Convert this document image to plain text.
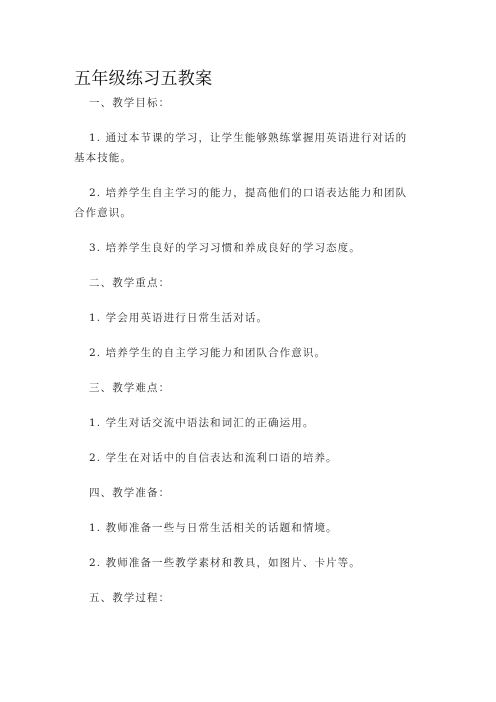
五年级练习五教案
一、教学目标：
1. 通过本节课的学习，让学生能够熟练掌握用英语进行对话的
基本技能。
2. 培养学生自主学习的能力，提高他们的口语表达能力和团队
合作意识。
3. 培养学生良好的学习习惯和养成良好的学习态度。
二、教学重点：
1. 学会用英语进行日常生活对话。
2. 培养学生的自主学习能力和团队合作意识。
三、教学难点：
1. 学生对话交流中语法和词汇的正确运用。
2. 学生在对话中的自信表达和流利口语的培养。
四、教学准备：
1. 教师准备一些与日常生活相关的话题和情境。
2. 教师准备一些教学素材和教具，如图片、卡片等。
五、教学过程：
